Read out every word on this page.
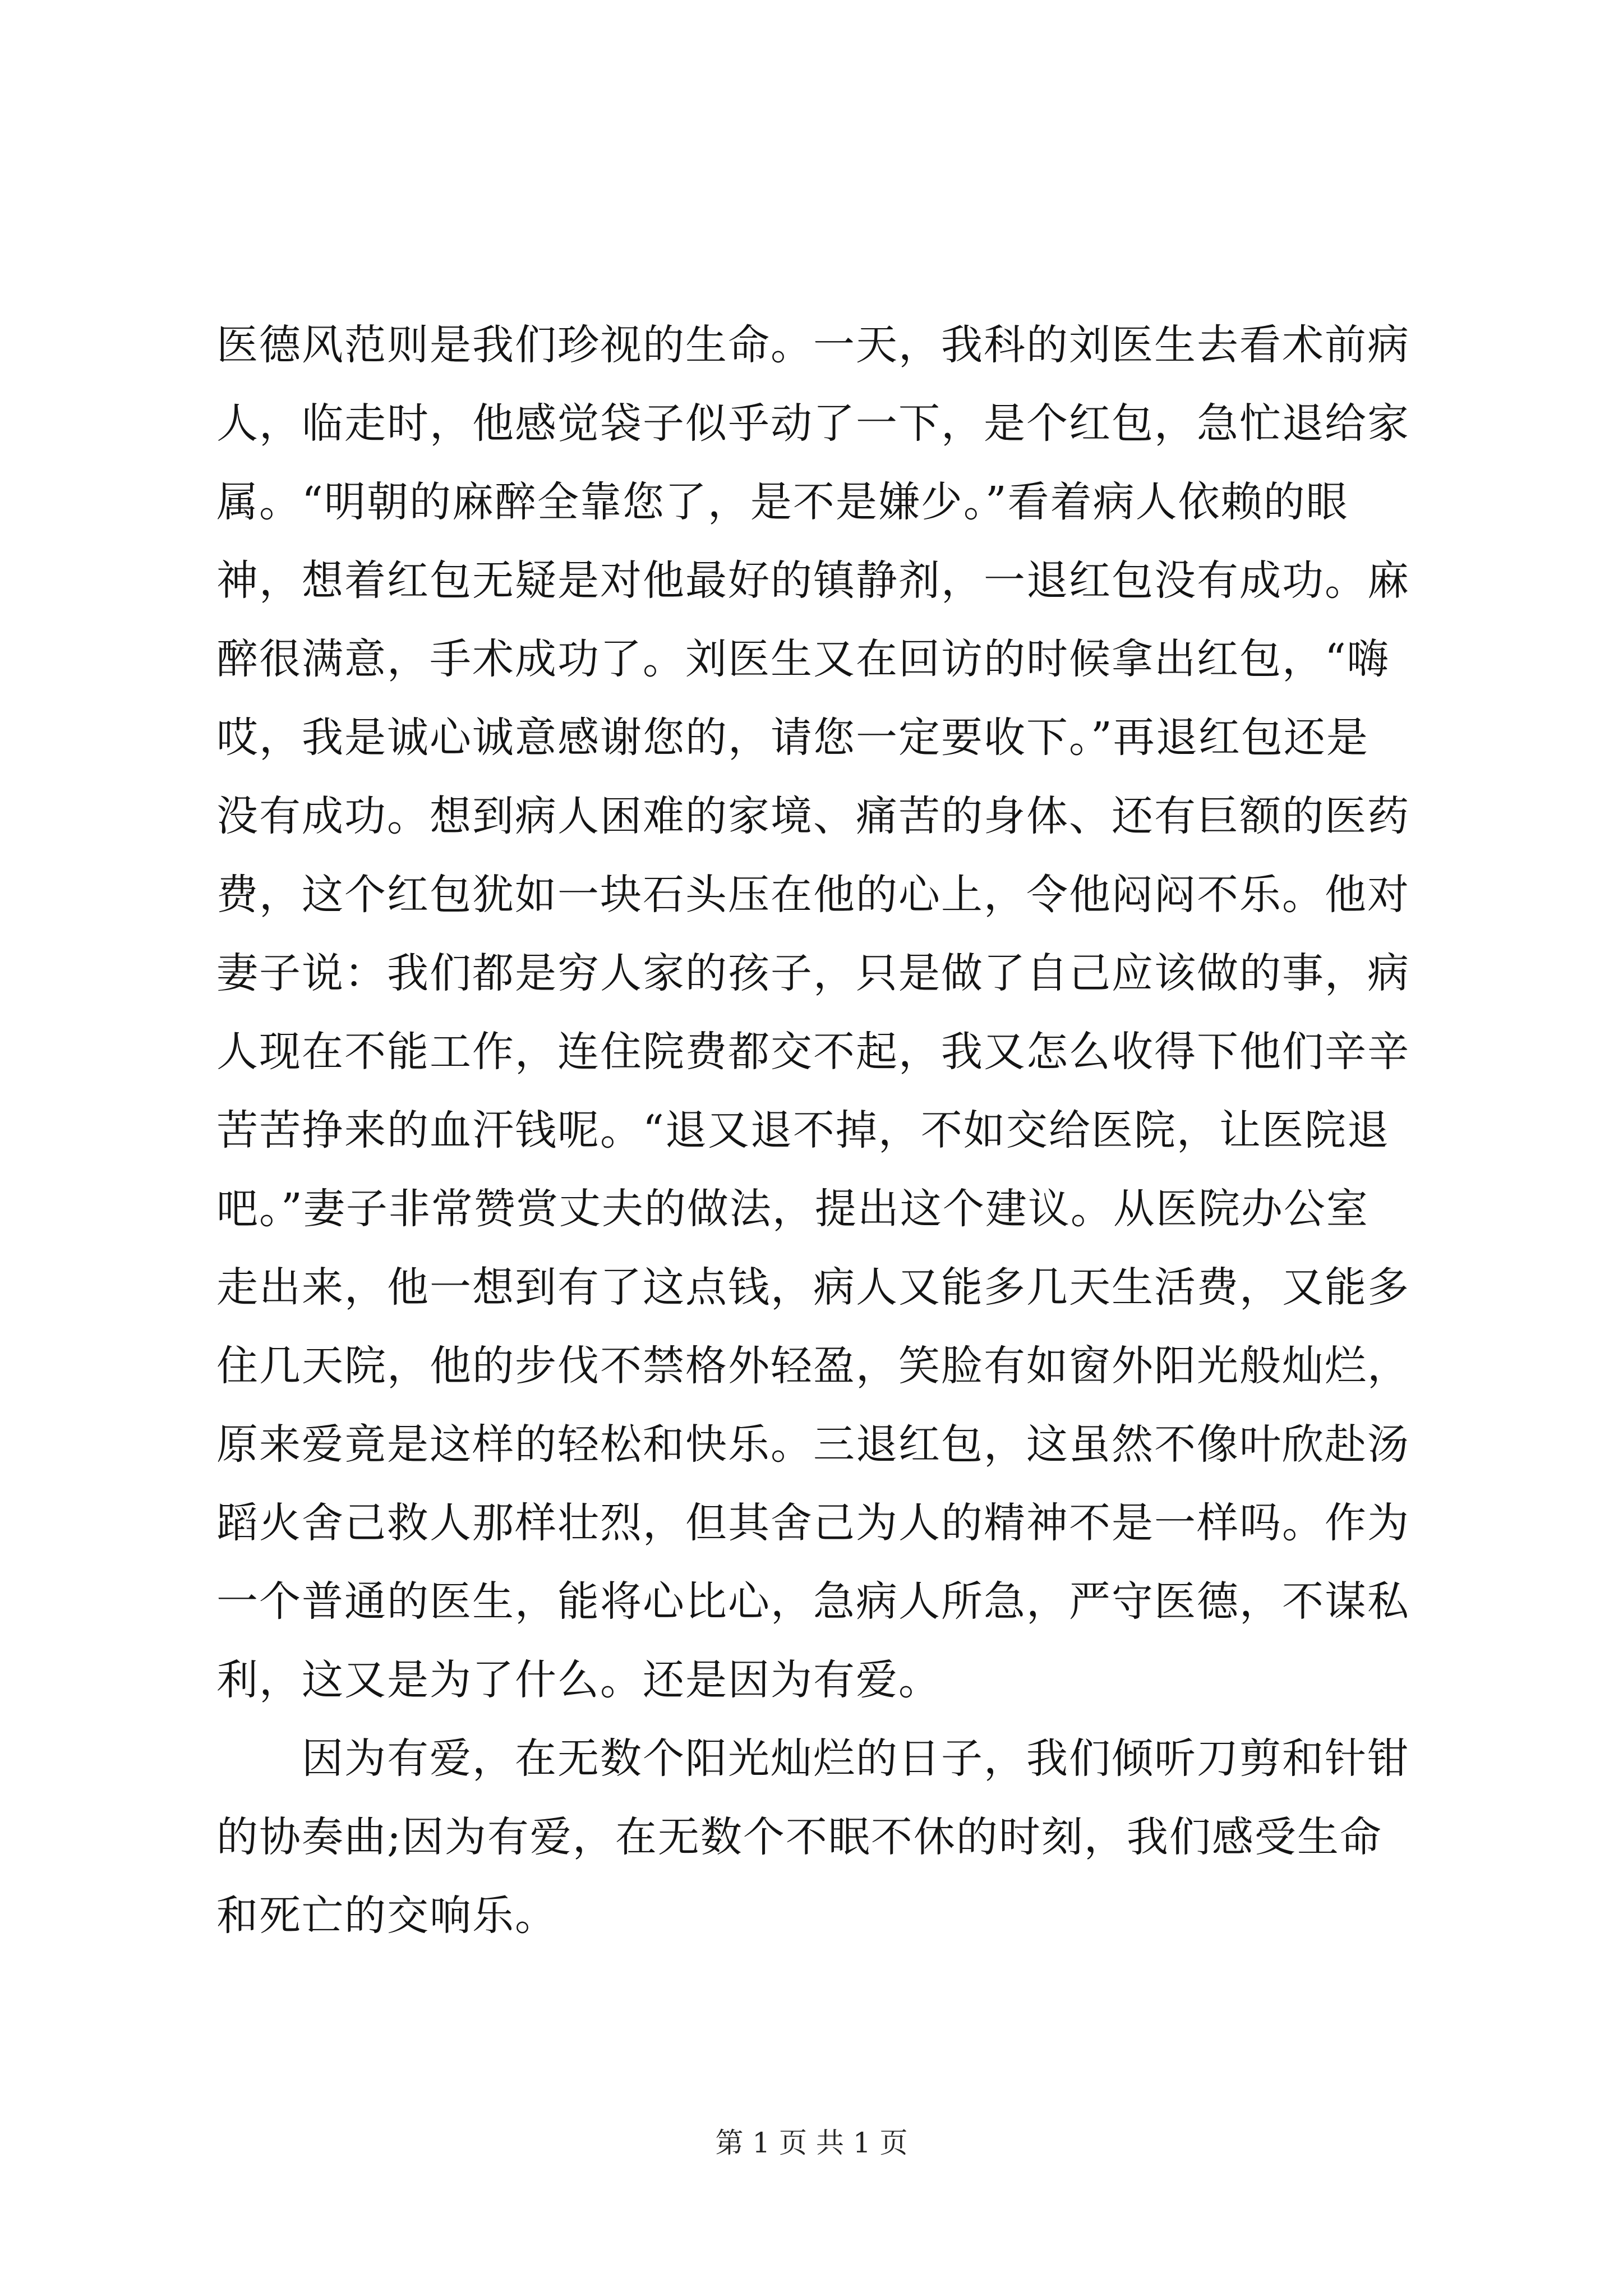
医德风范则是我们珍视的生命。一天，我科的刘医生去看术前病
人，临走时，他感觉袋子似乎动了一下，是个红包，急忙退给家
属。“明朝的麻醉全靠您了，是不是嫌少。”看着病人依赖的眼
神，想着红包无疑是对他最好的镇静剂，一退红包没有成功。麻
醉很满意，手术成功了。刘医生又在回访的时候拿出红包，“嗨
哎，我是诚心诚意感谢您的，请您一定要收下。”再退红包还是
没有成功。想到病人困难的家境、痛苦的身体、还有巨额的医药
费，这个红包犹如一块石头压在他的心上，令他闷闷不乐。他对
妻子说：我们都是穷人家的孩子，只是做了自己应该做的事，病
人现在不能工作，连住院费都交不起，我又怎么收得下他们辛辛
苦苦挣来的血汗钱呢。“退又退不掉，不如交给医院，让医院退
吧。”妻子非常赞赏丈夫的做法，提出这个建议。从医院办公室
走出来，他一想到有了这点钱，病人又能多几天生活费，又能多
住几天院，他的步伐不禁格外轻盈，笑脸有如窗外阳光般灿烂，
原来爱竟是这样的轻松和快乐。三退红包，这虽然不像叶欣赴汤
蹈火舍己救人那样壮烈，但其舍己为人的精神不是一样吗。作为
一个普通的医生，能将心比心，急病人所急，严守医德，不谋私
利，这又是为了什么。还是因为有爱。
　　因为有爱，在无数个阳光灿烂的日子，我们倾听刀剪和针钳
的协奏曲;因为有爱，在无数个不眠不休的时刻，我们感受生命
和死亡的交响乐。
第 1 页 共 1 页
